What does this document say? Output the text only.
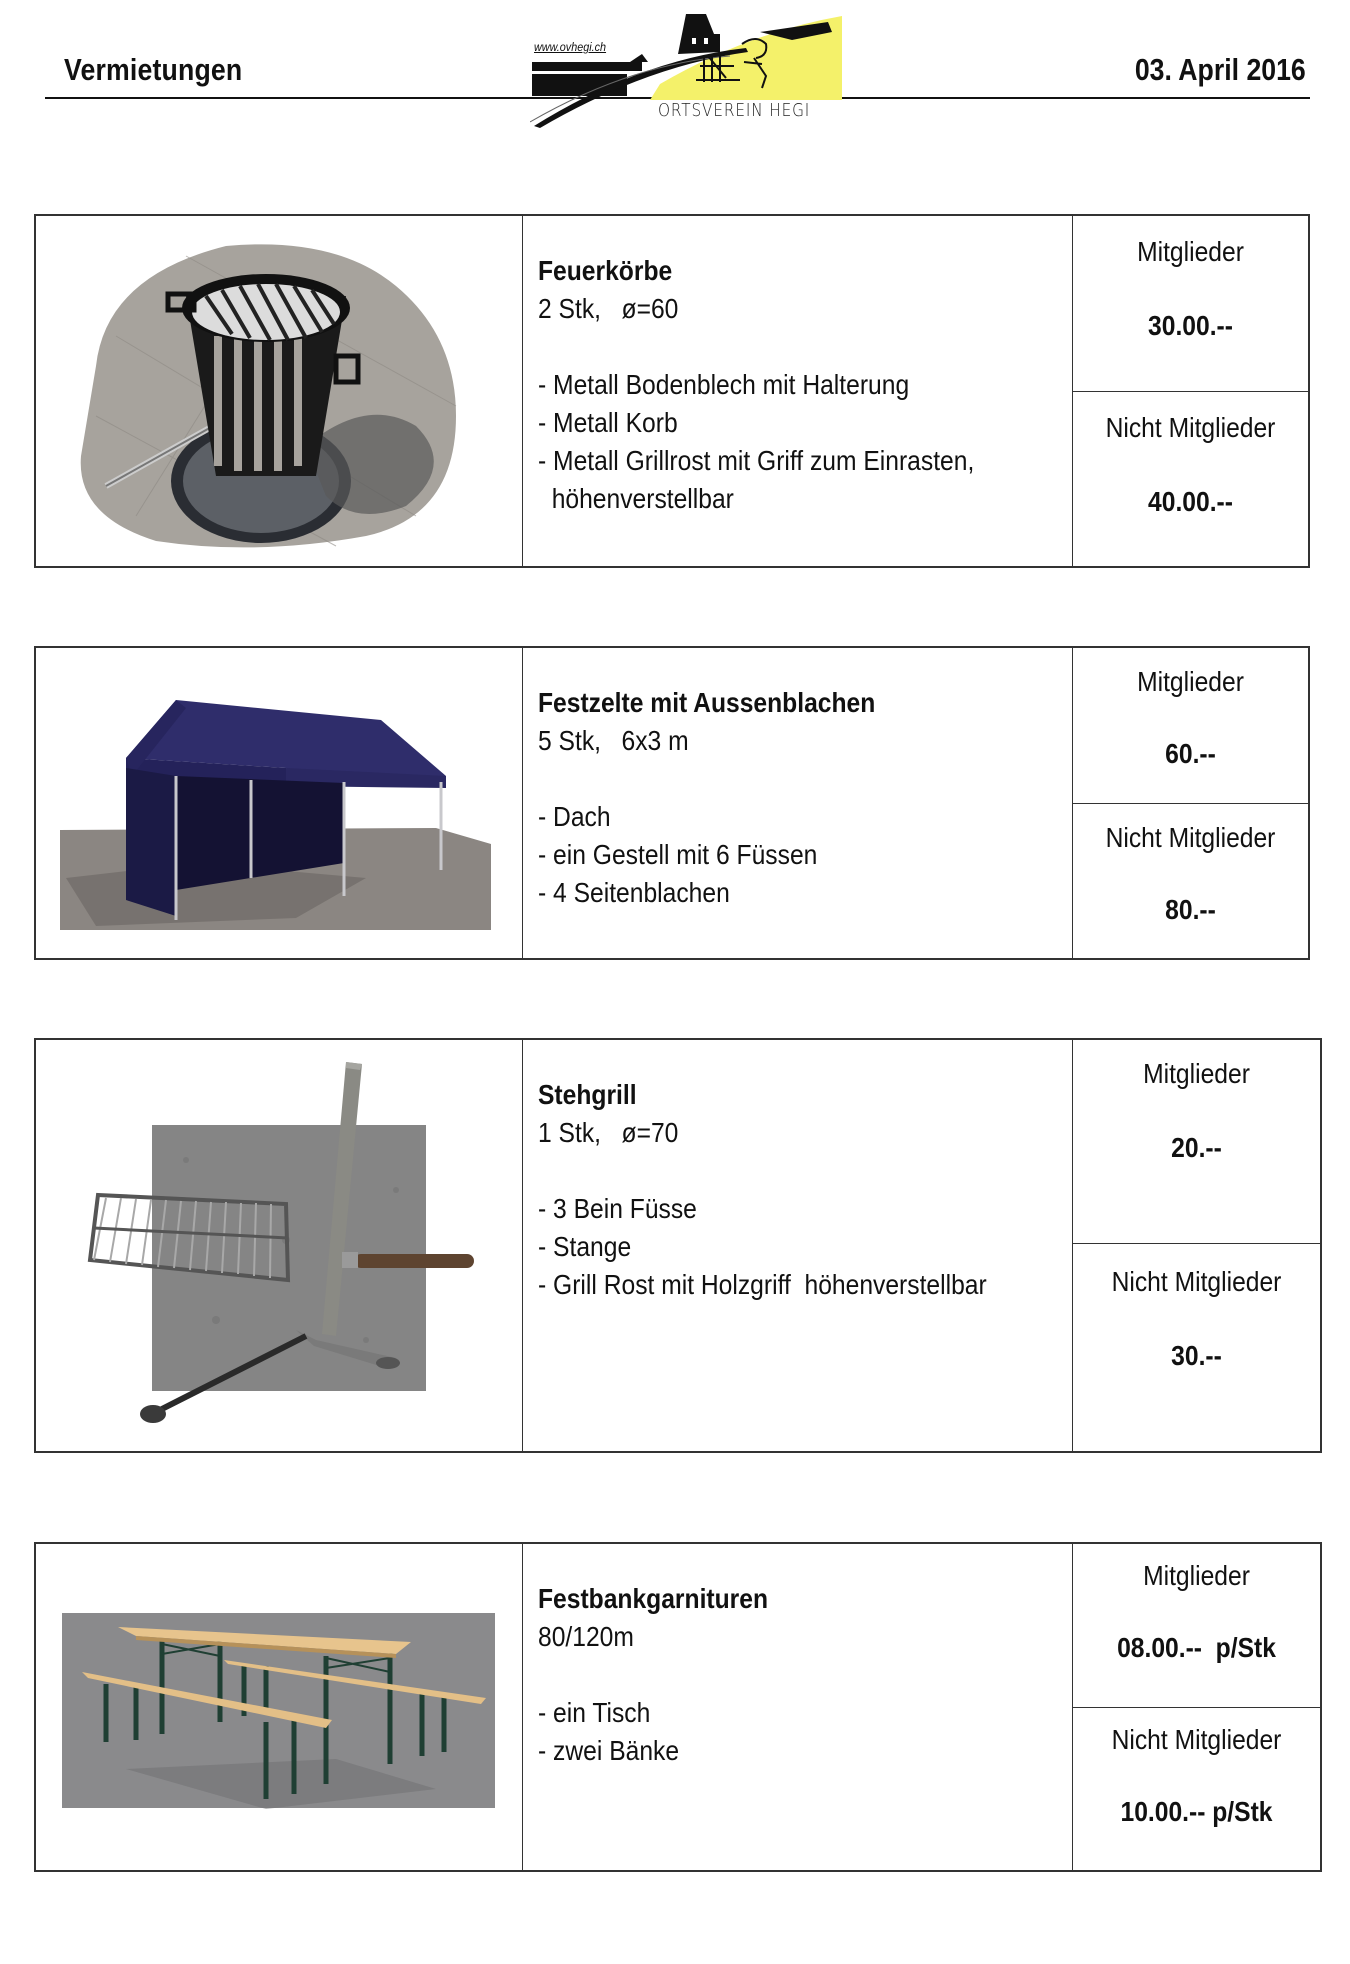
Vermietungen	03. April 2016
www.ovhegi.ch
ORTSVEREIN HEGI
Feuerkörbe
2 Stk,   ø=60
- Metall Bodenblech mit Halterung
- Metall Korb
- Metall Grillrost mit Griff zum Einrasten,
höhenverstellbar
Mitglieder
30.00.--
Nicht Mitglieder
40.00.--
Festzelte mit Aussenblachen
5 Stk,   6x3 m
- Dach
- ein Gestell mit 6 Füssen
- 4 Seitenblachen
Mitglieder
60.--
Nicht Mitglieder
80.--
Stehgrill
1 Stk,   ø=70
- 3 Bein Füsse
- Stange
- Grill Rost mit Holzgriff  höhenverstellbar
Mitglieder
20.--
Nicht Mitglieder
30.--
Festbankgarnituren
80/120m
- ein Tisch
- zwei Bänke
Mitglieder
08.00.--  p/Stk
Nicht Mitglieder
10.00.-- p/Stk
